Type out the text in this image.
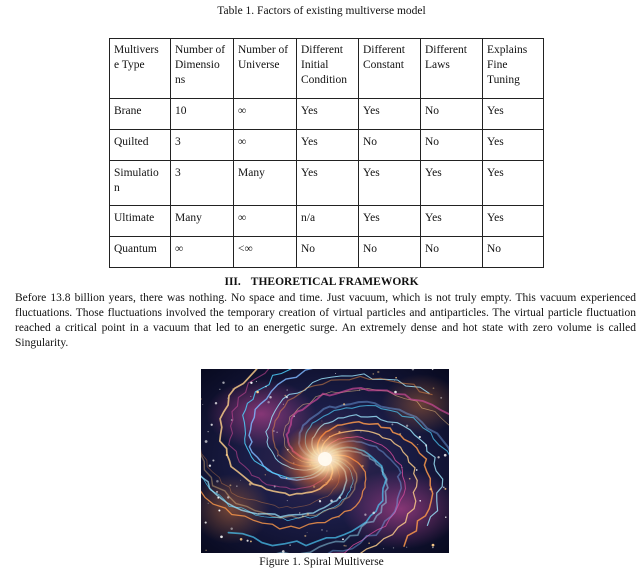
Table 1. Factors of existing multiverse model
Multivers e Type	Number of Dimensio ns	Number of Universe	Different Initial Condition	Different Constant	Different Laws	Explains Fine Tuning
Brane	10	∞	Yes	Yes	No	Yes
Quilted	3	∞	Yes	No	No	Yes
Simulatio n	3	Many	Yes	Yes	Yes	Yes
Ultimate	Many	∞	n/a	Yes	Yes	Yes
Quantum	∞	<∞	No	No	No	No
III. THEORETICAL FRAMEWORK

Before 13.8 billion years, there was nothing. No space and time. Just vacuum, which is not truly empty. This vacuum experienced fluctuations. Those fluctuations involved the temporary creation of virtual particles and antiparticles. The virtual particle fluctuation reached a critical point in a vacuum that led to an energetic surge. An extremely dense and hot state with zero volume is called Singularity.

Figure 1. Spiral Multiverse
